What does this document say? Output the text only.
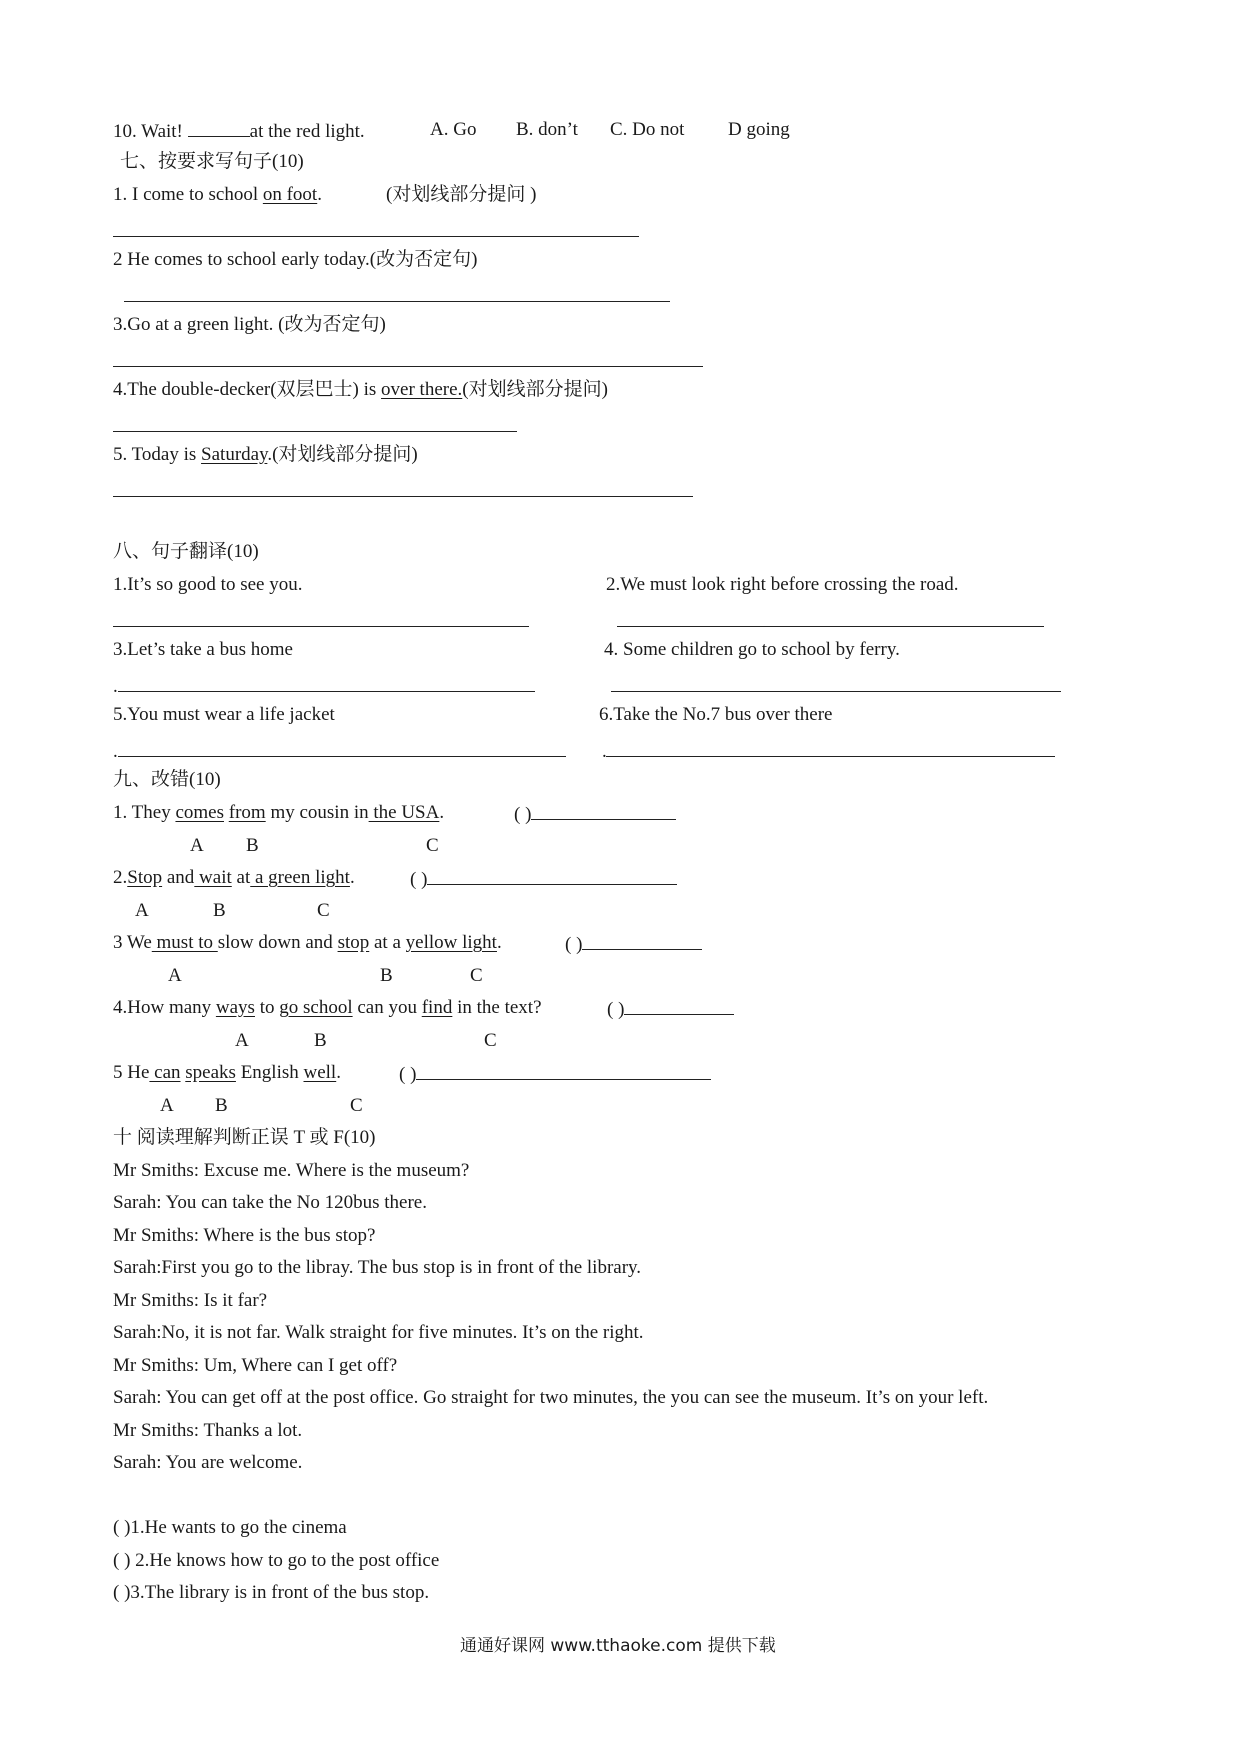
10. Wait!	at the red light.	A. Go B. don’t C. Do not D going
七、按要求写句子(10)
1. I come to school on foot.	(对划线部分提问 )
2 He comes to school early today.(改为否定句)
3.Go at a green light. (改为否定句)
4.The double-decker(双层巴士) is over there.(对划线部分提问)
5. Today is Saturday.(对划线部分提问)
八、句子翻译(10)
1.It’s so good to see you.	2.We must look right before crossing the road.
3.Let’s take a bus home	4. Some children go to school by ferry.
.
5.You must wear a life jacket	6.Take the No.7 bus over there
.	.
九、改错(10)
1. They comes from my cousin in the USA.	( )
A B	C
2.Stop and wait at a green light.	( )
A	B	C
3 We must to slow down and stop at a yellow light.	( )
A	B	C
4.How many ways to go school can you find in the text?	( )
A	B	C
5 He can speaks English well.	( )
A B	C
十 阅读理解判断正误 T 或 F(10)
Mr Smiths: Excuse me. Where is the museum?
Sarah: You can take the No 120bus there.
Mr Smiths: Where is the bus stop?
Sarah:First you go to the libray. The bus stop is in front of the library.
Mr Smiths: Is it far?
Sarah:No, it is not far. Walk straight for five minutes. It’s on the right.
Mr Smiths: Um, Where can I get off?
Sarah: You can get off at the post office. Go straight for two minutes, the you can see the museum. It’s on your left.
Mr Smiths: Thanks a lot.
Sarah: You are welcome.
( )1.He wants to go the cinema
( ) 2.He knows how to go to the post office
( )3.The library is in front of the bus stop.
通通好课网 www.tthaoke.com 提供下载
